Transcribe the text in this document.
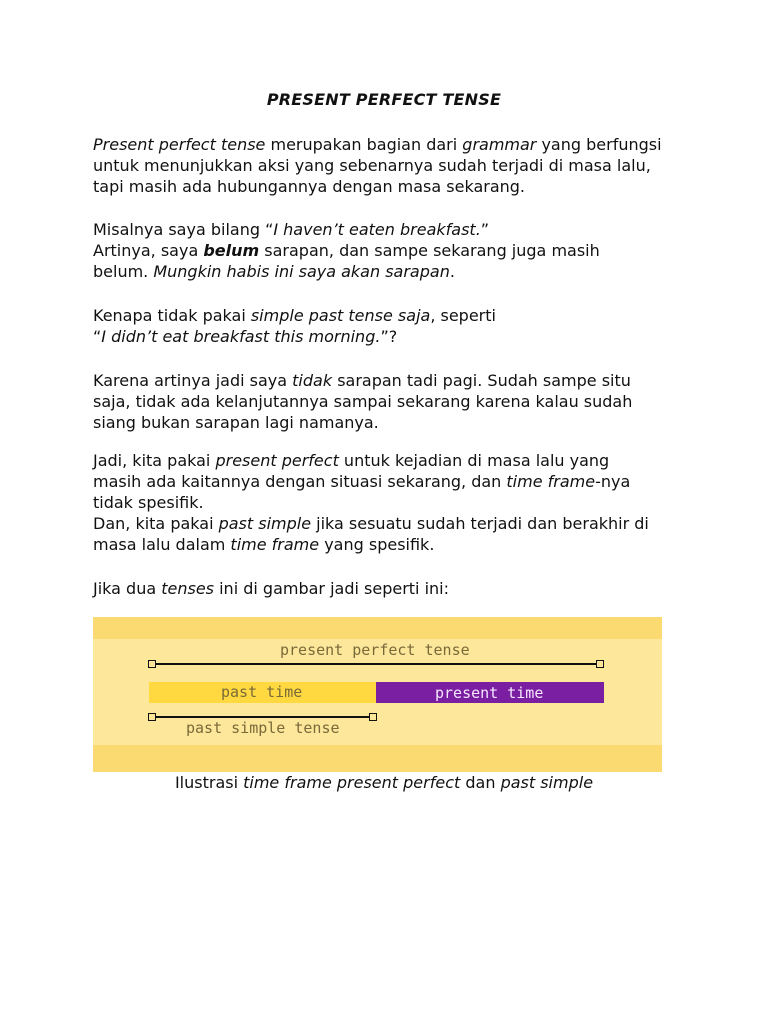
PRESENT PERFECT TENSE
Present perfect tense merupakan bagian dari grammar yang berfungsi
untuk menunjukkan aksi yang sebenarnya sudah terjadi di masa lalu,
tapi masih ada hubungannya dengan masa sekarang.
Misalnya saya bilang “I haven’t eaten breakfast.”
Artinya, saya belum sarapan, dan sampe sekarang juga masih
belum. Mungkin habis ini saya akan sarapan.
Kenapa tidak pakai simple past tense saja, seperti
“I didn’t eat breakfast this morning.”?
Karena artinya jadi saya tidak sarapan tadi pagi. Sudah sampe situ
saja, tidak ada kelanjutannya sampai sekarang karena kalau sudah
siang bukan sarapan lagi namanya.
Jadi, kita pakai present perfect untuk kejadian di masa lalu yang
masih ada kaitannya dengan situasi sekarang, dan time frame-nya
tidak spesifik.
Dan, kita pakai past simple jika sesuatu sudah terjadi dan berakhir di
masa lalu dalam time frame yang spesifik.
Jika dua tenses ini di gambar jadi seperti ini:
present perfect tense
past time	present time
past simple tense
Ilustrasi time frame present perfect dan past simple
